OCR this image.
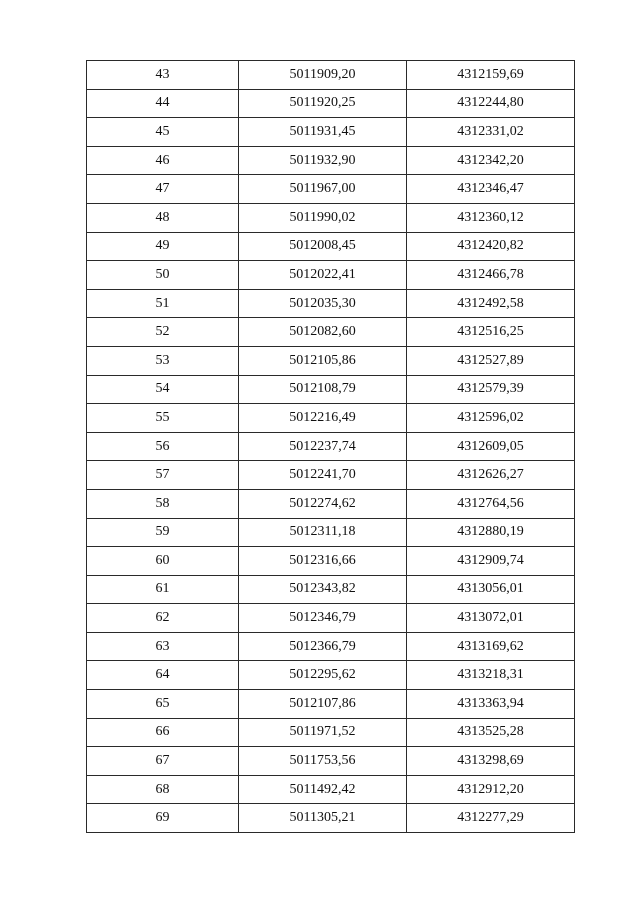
43	5011909,20	4312159,69
44	5011920,25	4312244,80
45	5011931,45	4312331,02
46	5011932,90	4312342,20
47	5011967,00	4312346,47
48	5011990,02	4312360,12
49	5012008,45	4312420,82
50	5012022,41	4312466,78
51	5012035,30	4312492,58
52	5012082,60	4312516,25
53	5012105,86	4312527,89
54	5012108,79	4312579,39
55	5012216,49	4312596,02
56	5012237,74	4312609,05
57	5012241,70	4312626,27
58	5012274,62	4312764,56
59	5012311,18	4312880,19
60	5012316,66	4312909,74
61	5012343,82	4313056,01
62	5012346,79	4313072,01
63	5012366,79	4313169,62
64	5012295,62	4313218,31
65	5012107,86	4313363,94
66	5011971,52	4313525,28
67	5011753,56	4313298,69
68	5011492,42	4312912,20
69	5011305,21	4312277,29
